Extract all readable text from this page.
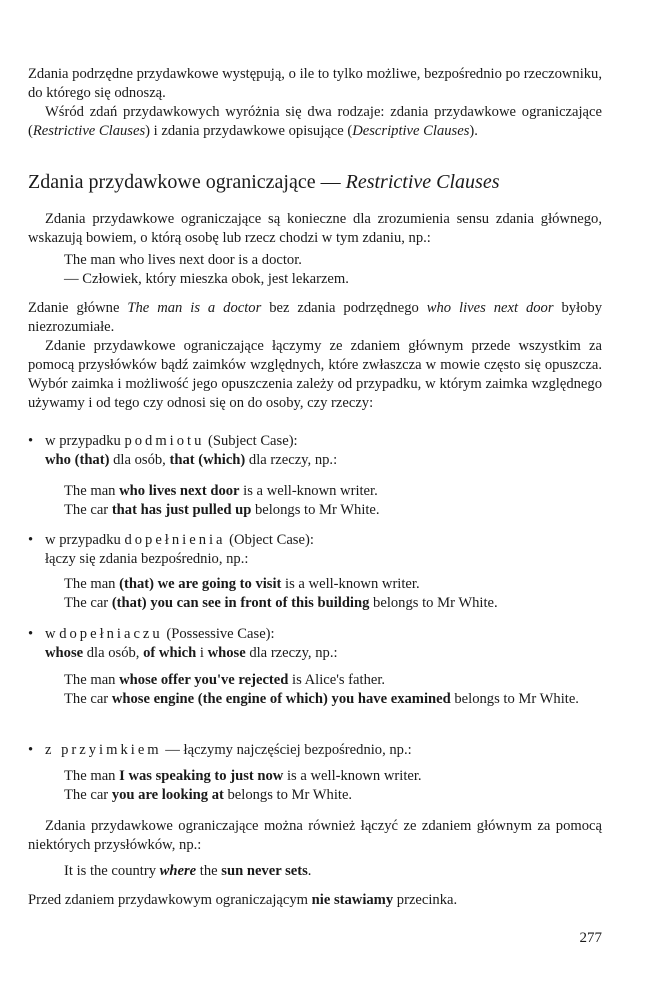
Zdania podrzędne przydawkowe występują, o ile to tylko możliwe, bezpośrednio po rzeczowniku, do którego się odnoszą.

Wśród zdań przydawkowych wyróżnia się dwa rodzaje: zdania przydawkowe ograniczające (Restrictive Clauses) i zdania przydawkowe opisujące (Descriptive Clauses).

Zdania przydawkowe ograniczające — Restrictive Clauses

Zdania przydawkowe ograniczające są konieczne dla zrozumienia sensu zdania głównego, wskazują bowiem, o którą osobę lub rzecz chodzi w tym zdaniu, np.:

The man who lives next door is a doctor.
— Człowiek, który mieszka obok, jest lekarzem.

Zdanie główne The man is a doctor bez zdania podrzędnego who lives next door byłoby niezrozumiałe.

Zdanie przydawkowe ograniczające łączymy ze zdaniem głównym przede wszystkim za pomocą przysłówków bądź zaimków względnych, które zwłaszcza w mowie często się opuszcza. Wybór zaimka i możliwość jego opuszczenia zależy od przypadku, w którym zaimka względnego używamy i od tego czy odnosi się on do osoby, czy rzeczy:

• w przypadku podmiotu (Subject Case):
who (that) dla osób, that (which) dla rzeczy, np.:
The man who lives next door is a well-known writer.
The car that has just pulled up belongs to Mr White.
• w przypadku dopełnienia (Object Case):
łączy się zdania bezpośrednio, np.:
The man (that) we are going to visit is a well-known writer.
The car (that) you can see in front of this building belongs to Mr White.
• w dopełniaczu (Possessive Case):
whose dla osób, of which i whose dla rzeczy, np.:
The man whose offer you've rejected is Alice's father.
The car whose engine (the engine of which) you have examined belongs to Mr White.
• z przyimkiem — łączymy najczęściej bezpośrednio, np.:
The man I was speaking to just now is a well-known writer.
The car you are looking at belongs to Mr White.

Zdania przydawkowe ograniczające można również łączyć ze zdaniem głównym za pomocą niektórych przysłówków, np.:

It is the country where the sun never sets.

Przed zdaniem przydawkowym ograniczającym nie stawiamy przecinka.

277
